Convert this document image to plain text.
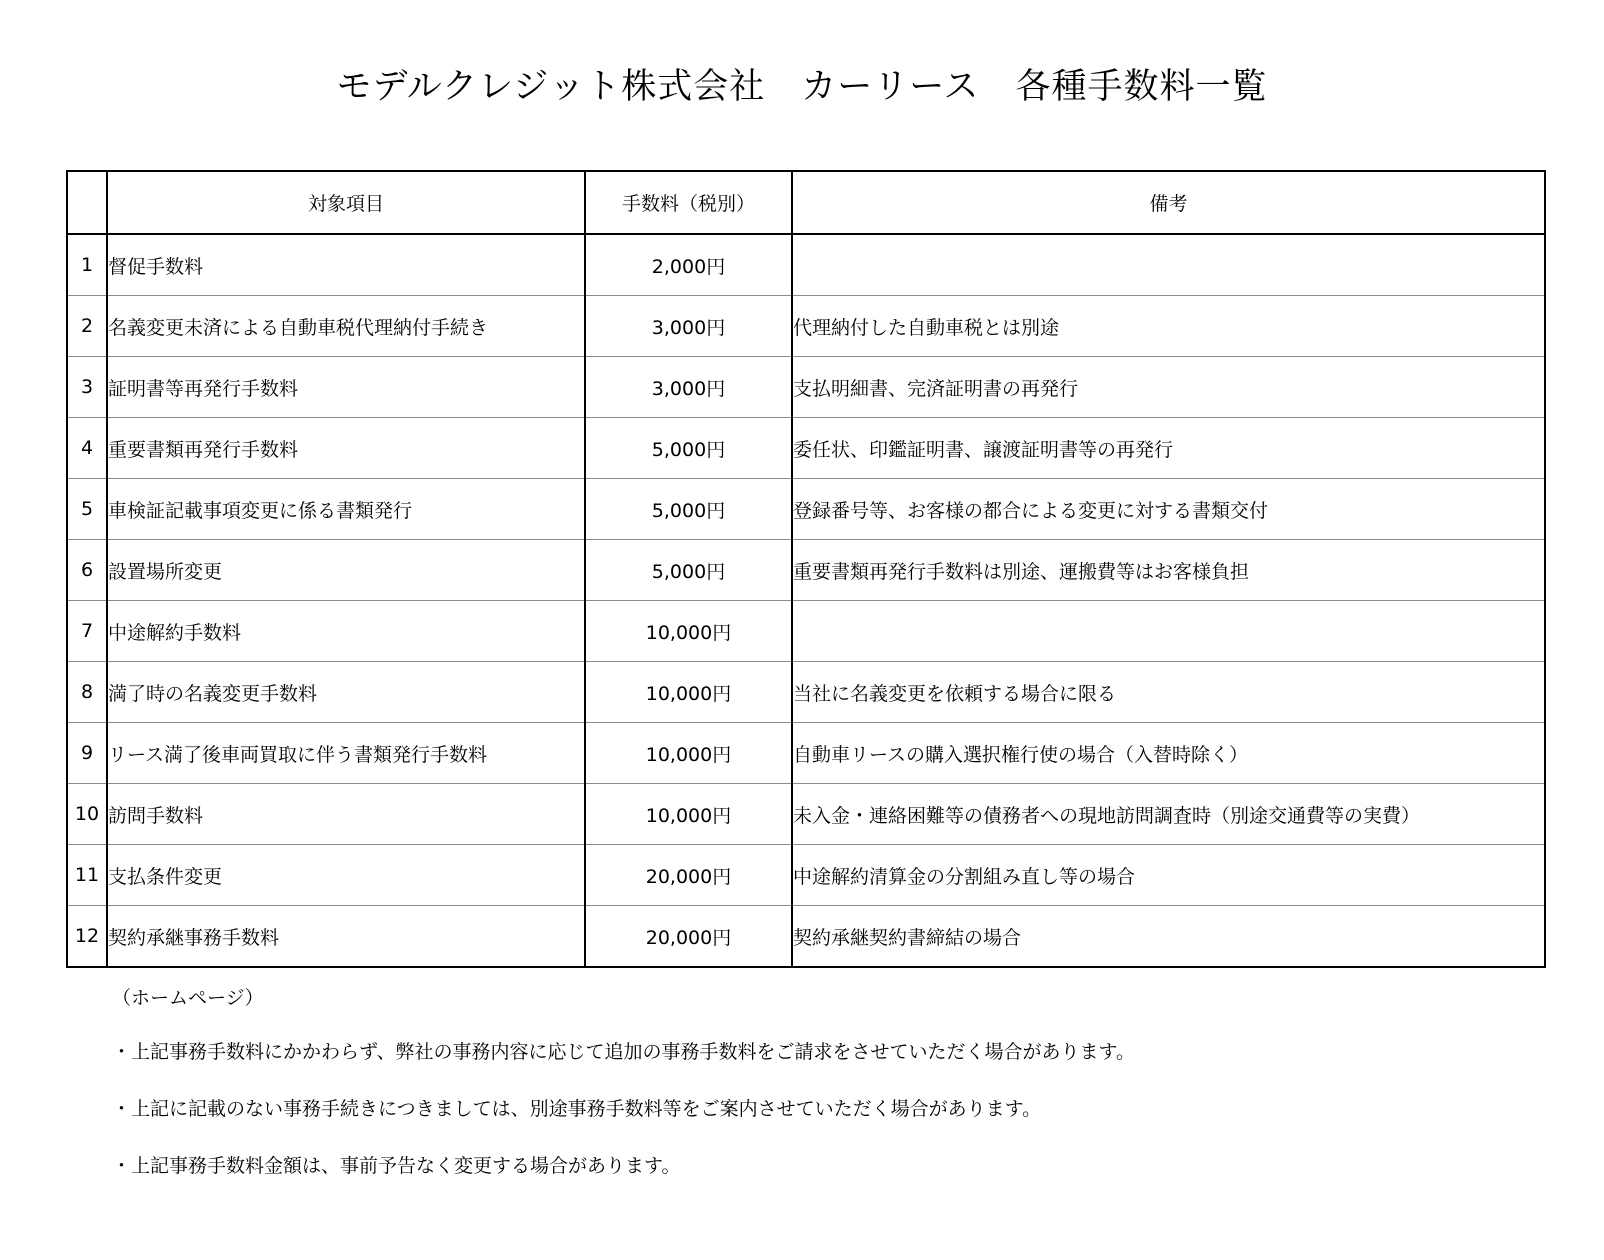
モデルクレジット株式会社　カーリース　各種手数料一覧
	対象項目	手数料（税別）	備考
1	督促手数料	2,000円	
2	名義変更未済による自動車税代理納付手続き	3,000円	代理納付した自動車税とは別途
3	証明書等再発行手数料	3,000円	支払明細書、完済証明書の再発行
4	重要書類再発行手数料	5,000円	委任状、印鑑証明書、譲渡証明書等の再発行
5	車検証記載事項変更に係る書類発行	5,000円	登録番号等、お客様の都合による変更に対する書類交付
6	設置場所変更	5,000円	重要書類再発行手数料は別途、運搬費等はお客様負担
7	中途解約手数料	10,000円	
8	満了時の名義変更手数料	10,000円	当社に名義変更を依頼する場合に限る
9	リース満了後車両買取に伴う書類発行手数料	10,000円	自動車リースの購入選択権行使の場合（入替時除く）
10	訪問手数料	10,000円	未入金・連絡困難等の債務者への現地訪問調査時（別途交通費等の実費）
11	支払条件変更	20,000円	中途解約清算金の分割組み直し等の場合
12	契約承継事務手数料	20,000円	契約承継契約書締結の場合
（ホームページ）
・上記事務手数料にかかわらず、弊社の事務内容に応じて追加の事務手数料をご請求をさせていただく場合があります。
・上記に記載のない事務手続きにつきましては、別途事務手数料等をご案内させていただく場合があります。
・上記事務手数料金額は、事前予告なく変更する場合があります。
